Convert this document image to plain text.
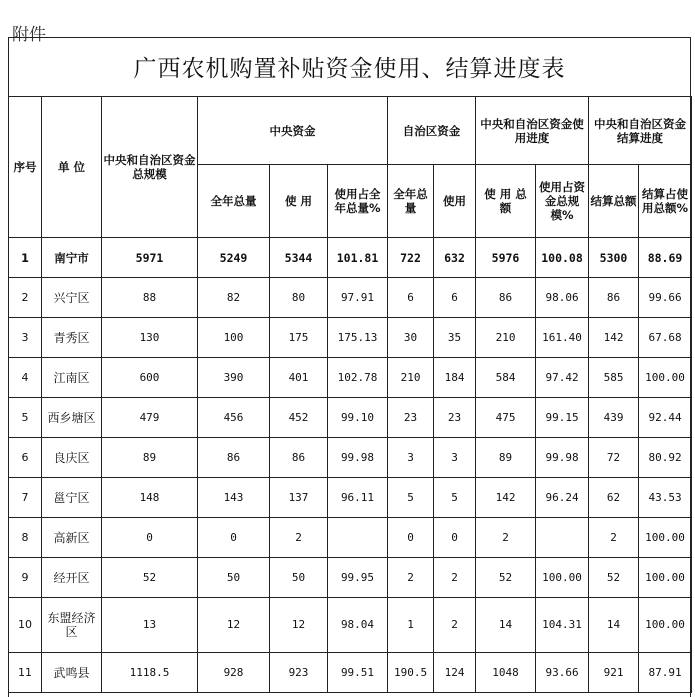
附件
广西农机购置补贴资金使用、结算进度表
序号	单 位	中央和自治区资金总规模	中央资金			自治区资金		中央和自治区资金使用进度		中央和自治区资金结算进度	
			全年总量	使 用	使用占全年总量%	全年总量	使用	使 用 总 额	使用占资金总规模%	结算总额	结算占使用总额%
1	南宁市	5971	5249	5344	101.81	722	632	5976	100.08	5300	88.69
2	兴宁区	88	82	80	97.91	6	6	86	98.06	86	99.66
3	青秀区	130	100	175	175.13	30	35	210	161.40	142	67.68
4	江南区	600	390	401	102.78	210	184	584	97.42	585	100.00
5	西乡塘区	479	456	452	99.10	23	23	475	99.15	439	92.44
6	良庆区	89	86	86	99.98	3	3	89	99.98	72	80.92
7	邕宁区	148	143	137	96.11	5	5	142	96.24	62	43.53
8	高新区	0	0	2		0	0	2		2	100.00
9	经开区	52	50	50	99.95	2	2	52	100.00	52	100.00
10	东盟经济区	13	12	12	98.04	1	2	14	104.31	14	100.00
11	武鸣县	1118.5	928	923	99.51	190.5	124	1048	93.66	921	87.91
